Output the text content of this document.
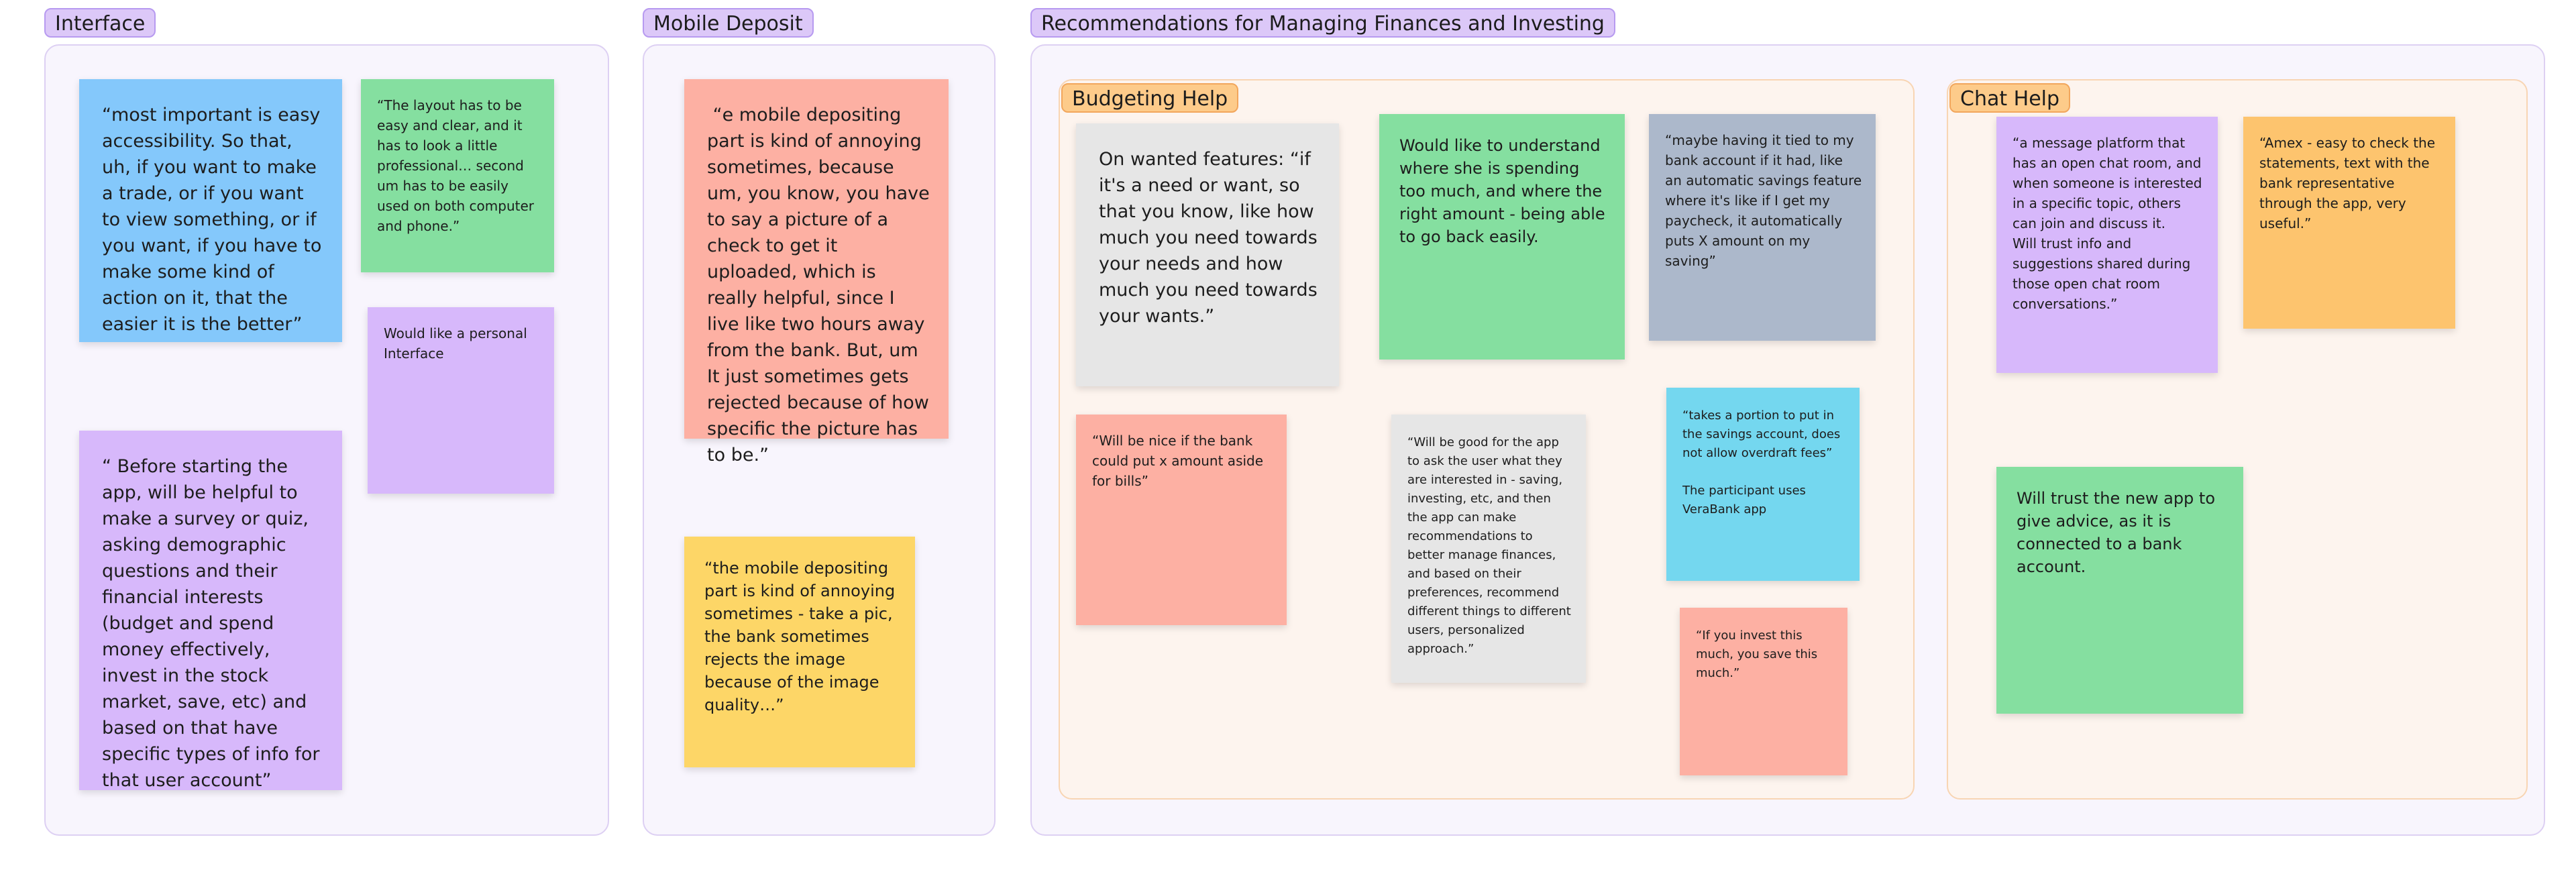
Interface
“most important is easy accessibility. So that, uh, if you want to make a trade, or if you want to view something, or if you want, if you have to make some kind of action on it, that the easier it is the better”
“The layout has to be easy and clear, and it has to look a little professional… second um has to be easily used on both computer and phone.”
Would like a personal Interface
“ Before starting the app, will be helpful to make a survey or quiz, asking demographic questions and their financial interests (budget and spend money effectively, invest in the stock market, save, etc) and based on that have specific types of info for that user account”
Mobile Deposit
“e mobile depositing part is kind of annoying sometimes, because um, you know, you have to say a picture of a check to get it uploaded, which is really helpful, since I live like two hours away from the bank. But, um It just sometimes gets rejected because of how specific the picture has to be.”
“the mobile depositing part is kind of annoying sometimes - take a pic, the bank sometimes rejects the image because of the image quality…”
Recommendations for Managing Finances and Investing
Budgeting Help
On wanted features: “if it's a need or want, so that you know, like how much you need towards your needs and how much you need towards your wants.”
Would like to understand where she is spending too much, and where the right amount - being able to go back easily.
“maybe having it tied to my bank account if it had, like an automatic savings feature where it's like if I get my paycheck, it automatically puts X amount on my saving”
“Will be nice if the bank could put x amount aside for bills”
“Will be good for the app to ask the user what they are interested in - saving, investing, etc, and then the app can make recommendations to better manage finances, and based on their preferences, recommend different things to different users, personalized approach.”
“takes a portion to put in the savings account, does not allow overdraft fees”

The participant uses VeraBank app
“If you invest this much, you save this much.”
Chat Help
“a message platform that has an open chat room, and when someone is interested in a specific topic, others can join and discuss it.
Will trust info and suggestions shared during those open chat room conversations.”
“Amex - easy to check the statements, text with the bank representative through the app, very useful.”
Will trust the new app to give advice, as it is connected to a bank account.
